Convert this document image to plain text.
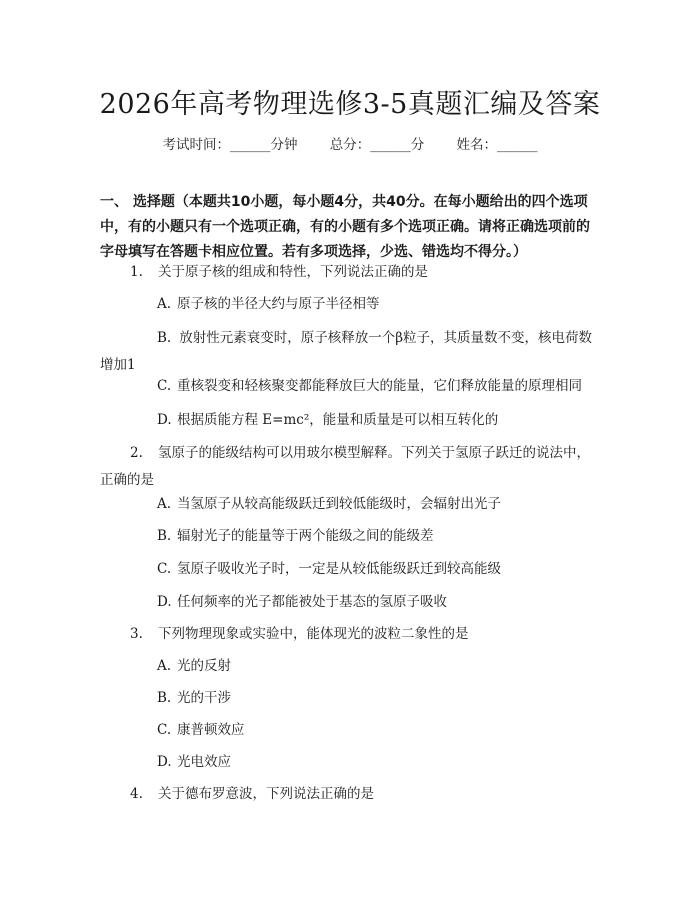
2026年高考物理选修3-5真题汇编及答案
考试时间：______分钟 总分：______分 姓名：______
一、 选择题（本题共10小题，每小题4分，共40分。在每小题给出的四个选项中，有的小题只有一个选项正确，有的小题有多个选项正确。请将正确选项前的字母填写在答题卡相应位置。若有多项选择，少选、错选均不得分。）
1. 关于原子核的组成和特性，下列说法正确的是
A. 原子核的半径大约与原子半径相等
B. 放射性元素衰变时，原子核释放一个β粒子，其质量数不变，核电荷数增加1
C. 重核裂变和轻核聚变都能释放巨大的能量，它们释放能量的原理相同
D. 根据质能方程 E=mc²，能量和质量是可以相互转化的
2. 氢原子的能级结构可以用玻尔模型解释。下列关于氢原子跃迁的说法中，正确的是
A. 当氢原子从较高能级跃迁到较低能级时，会辐射出光子
B. 辐射光子的能量等于两个能级之间的能级差
C. 氢原子吸收光子时，一定是从较低能级跃迁到较高能级
D. 任何频率的光子都能被处于基态的氢原子吸收
3. 下列物理现象或实验中，能体现光的波粒二象性的是
A. 光的反射
B. 光的干涉
C. 康普顿效应
D. 光电效应
4. 关于德布罗意波，下列说法正确的是
